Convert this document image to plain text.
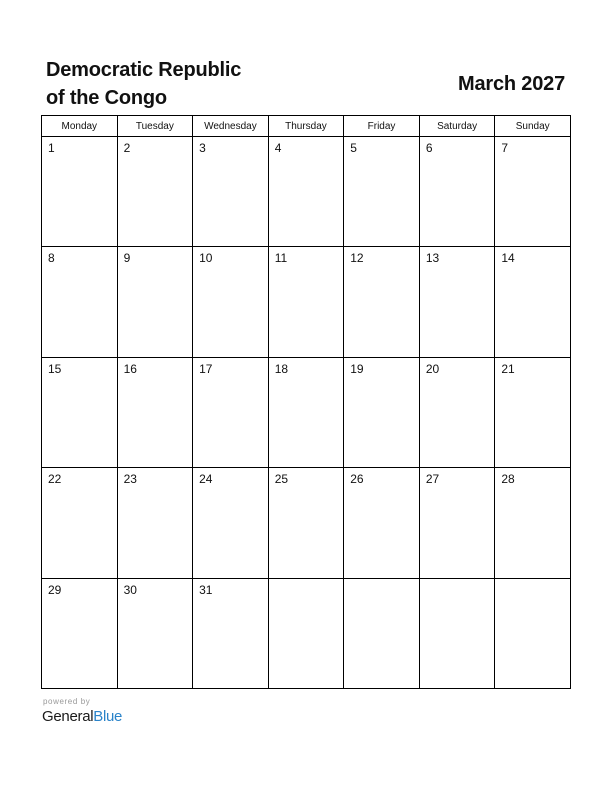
Democratic Republic
of the Congo
March 2027
Monday	Tuesday	Wednesday	Thursday	Friday	Saturday	Sunday

1	2	3	4	5	6	7

8	9	10	11	12	13	14

15	16	17	18	19	20	21

22	23	24	25	26	27	28

29	30	31				

powered by
GeneralBlue
